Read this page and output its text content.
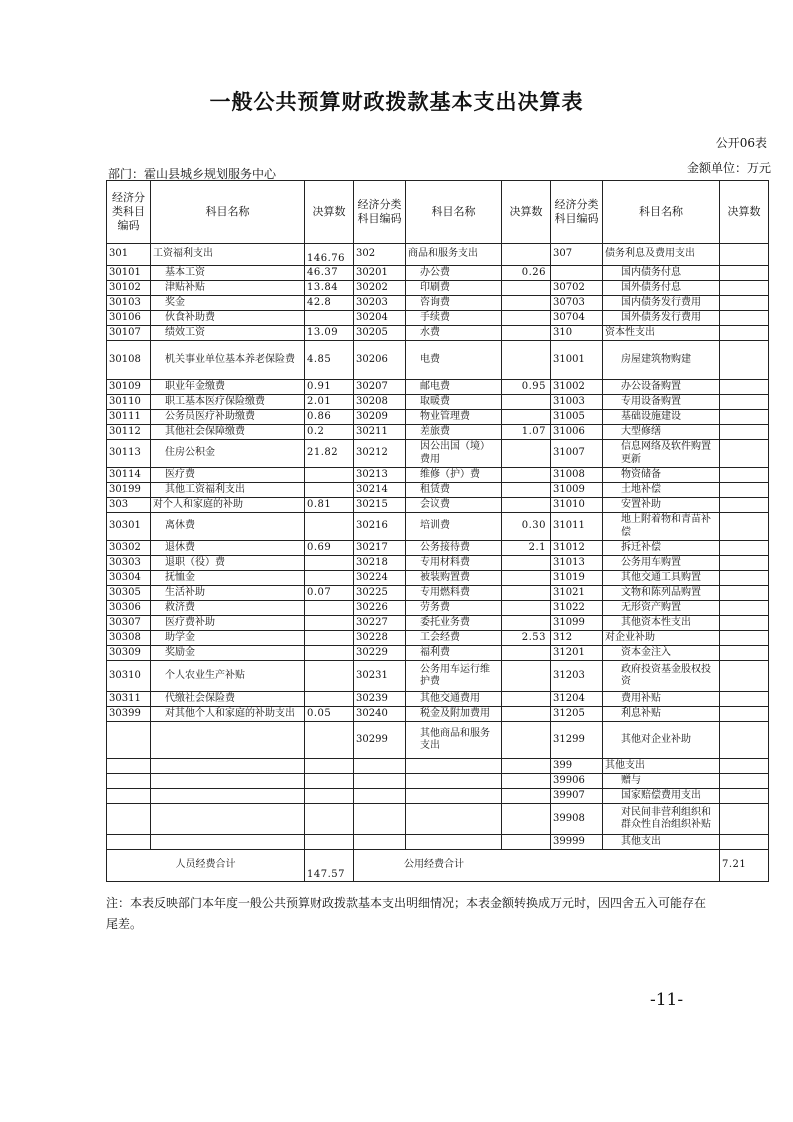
一般公共预算财政拨款基本支出决算表
公开06表
部门：霍山县城乡规划服务中心	金额单位：万元
经济分类科目编码	科目名称	决算数	经济分类科目编码	科目名称	决算数	经济分类科目编码	科目名称	决算数
301	工资福利支出	146.76	302	商品和服务支出		307	债务利息及费用支出	
30101	基本工资	46.37	30201	办公费	0.26		国内债务付息	
30102	津贴补贴	13.84	30202	印刷费		30702	国外债务付息	
30103	奖金	42.8	30203	咨询费		30703	国内债务发行费用	
30106	伙食补助费		30204	手续费		30704	国外债务发行费用	
30107	绩效工资	13.09	30205	水费		310	资本性支出	
30108	机关事业单位基本养老保险费	4.85	30206	电费		31001	房屋建筑物购建	
30109	职业年金缴费	0.91	30207	邮电费	0.95	31002	办公设备购置	
30110	职工基本医疗保险缴费	2.01	30208	取暖费		31003	专用设备购置	
30111	公务员医疗补助缴费	0.86	30209	物业管理费		31005	基础设施建设	
30112	其他社会保障缴费	0.2	30211	差旅费	1.07	31006	大型修缮	
30113	住房公积金	21.82	30212	因公出国（境）费用		31007	信息网络及软件购置更新	
30114	医疗费		30213	维修（护）费		31008	物资储备	
30199	其他工资福利支出		30214	租赁费		31009	土地补偿	
303	对个人和家庭的补助	0.81	30215	会议费		31010	安置补助	
30301	离休费		30216	培训费	0.30	31011	地上附着物和青苗补偿	
30302	退休费	0.69	30217	公务接待费	2.1	31012	拆迁补偿	
30303	退职（役）费		30218	专用材料费		31013	公务用车购置	
30304	抚恤金		30224	被装购置费		31019	其他交通工具购置	
30305	生活补助	0.07	30225	专用燃料费		31021	文物和陈列品购置	
30306	救济费		30226	劳务费		31022	无形资产购置	
30307	医疗费补助		30227	委托业务费		31099	其他资本性支出	
30308	助学金		30228	工会经费	2.53	312	对企业补助	
30309	奖励金		30229	福利费		31201	资本金注入	
30310	个人农业生产补贴		30231	公务用车运行维护费		31203	政府投资基金股权投资	
30311	代缴社会保险费		30239	其他交通费用		31204	费用补贴	
30399	对其他个人和家庭的补助支出	0.05	30240	税金及附加费用		31205	利息补贴	
			30299	其他商品和服务支出		31299	其他对企业补助	
						399	其他支出	
						39906	赠与	
						39907	国家赔偿费用支出	
						39908	对民间非营利组织和群众性自治组织补贴	
						39999	其他支出	
人员经费合计		147.57	公用经费合计					7.21
注：本表反映部门本年度一般公共预算财政拨款基本支出明细情况；本表金额转换成万元时，因四舍五入可能存在尾差。
-11-
